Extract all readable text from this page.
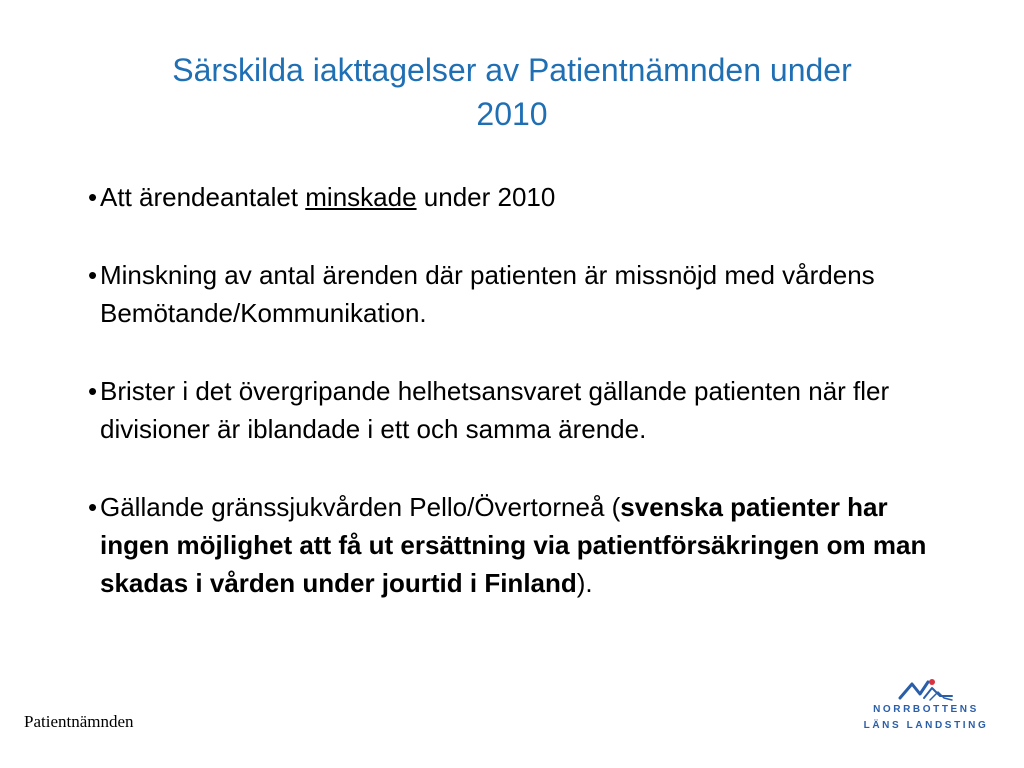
Särskilda iakttagelser av Patientnämnden under
2010
• Att ärendeantalet minskade under 2010
• Minskning av antal ärenden där patienten är missnöjd med vårdens Bemötande/Kommunikation.
• Brister i det övergripande helhetsansvaret gällande patienten när fler divisioner är iblandade i ett och samma ärende.
• Gällande gränssjukvården Pello/Övertorneå (svenska patienter har ingen möjlighet att få ut ersättning via patientförsäkringen om man skadas i vården under jourtid i Finland).
Patientnämnden
NORRBOTTENS
LÄNS LANDSTING
